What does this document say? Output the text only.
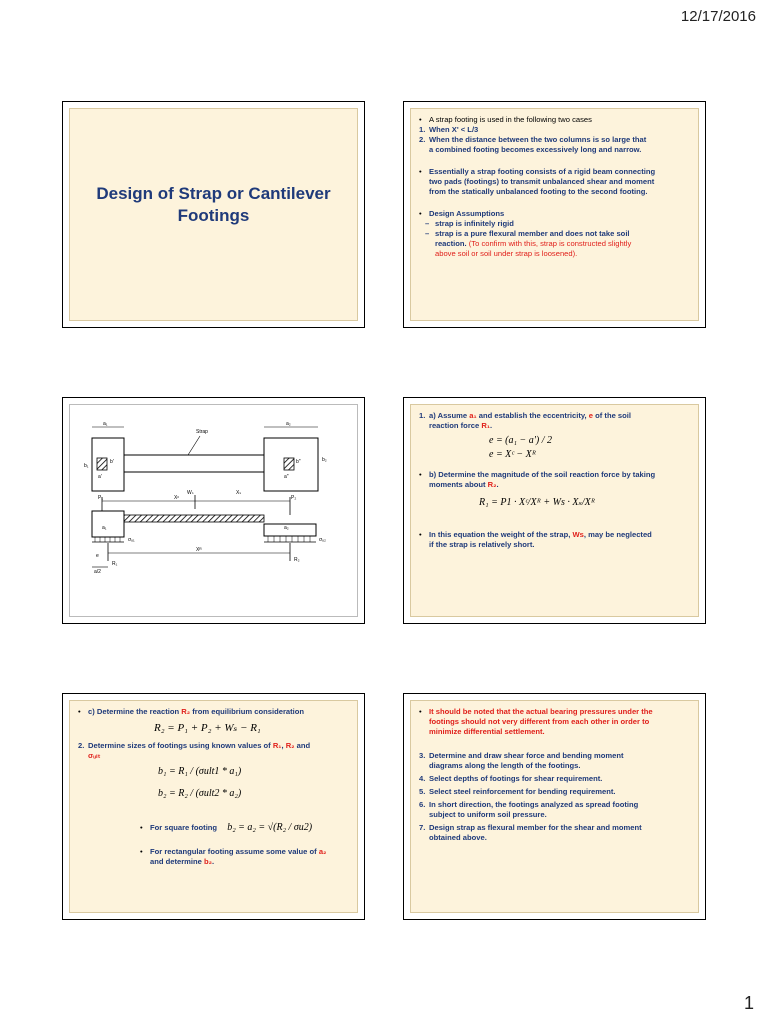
12/17/2016
Design of Strap or Cantilever
Footings
• A strap footing is used in the following two cases
1. When X' < L/3
2. When the distance between the two columns is so large that
a combined footing becomes excessively long and narrow.
• Essentially a strap footing consists of a rigid beam connecting
two pads (footings) to transmit unbalanced shear and moment
from the statically unbalanced footing to the second footing.
• Design Assumptions
– strap is infinitely rigid
– strap is a pure flexural member and does not take soil
reaction. (To confirm with this, strap is constructed slightly
above soil or soil under strap is loosened).
a₁	a₂
Strap
b₁
b₂
b'	b"
a'	a"
P₁	P₂
Wₛ
Xᶜ
Xₛ
a₁	a₂
σᵤ₁	σᵤ₂
Xᴿ
R₁
R₂
e
a/2
1. a) Assume a₁ and establish the eccentricity, e of the soil
reaction force R₁.
e = (a₁ − a') / 2
e = Xᶜ − Xᴿ
• b) Determine the magnitude of the soil reaction force by taking
moments about R₂.
R₁ = P1 · Xᶜ/Xᴿ + Ws · Xₛ/Xᴿ
• In this equation the weight of the strap, Ws, may be neglected
if the strap is relatively short.
• c) Determine the reaction R₂ from equilibrium consideration
R₂ = P₁ + P₂ + Wₛ − R₁
2. Determine sizes of footings using known values of R₁, R₂ and
σᵤₗₜ
b₁ = R₁ / (σult1 * a₁)
b₂ = R₂ / (σult2 * a₂)
• For square footing b₂ = a₂ = √(R₂ / σu2)
• For rectangular footing assume some value of a₂
and determine b₂.
• It should be noted that the actual bearing pressures under the
footings should not very different from each other in order to
minimize differential settlement.
3. Determine and draw shear force and bending moment
diagrams along the length of the footings.
4. Select depths of footings for shear requirement.
5. Select steel reinforcement for bending requirement.
6. In short direction, the footings analyzed as spread footing
subject to uniform soil pressure.
7. Design strap as flexural member for the shear and moment
obtained above.
1
